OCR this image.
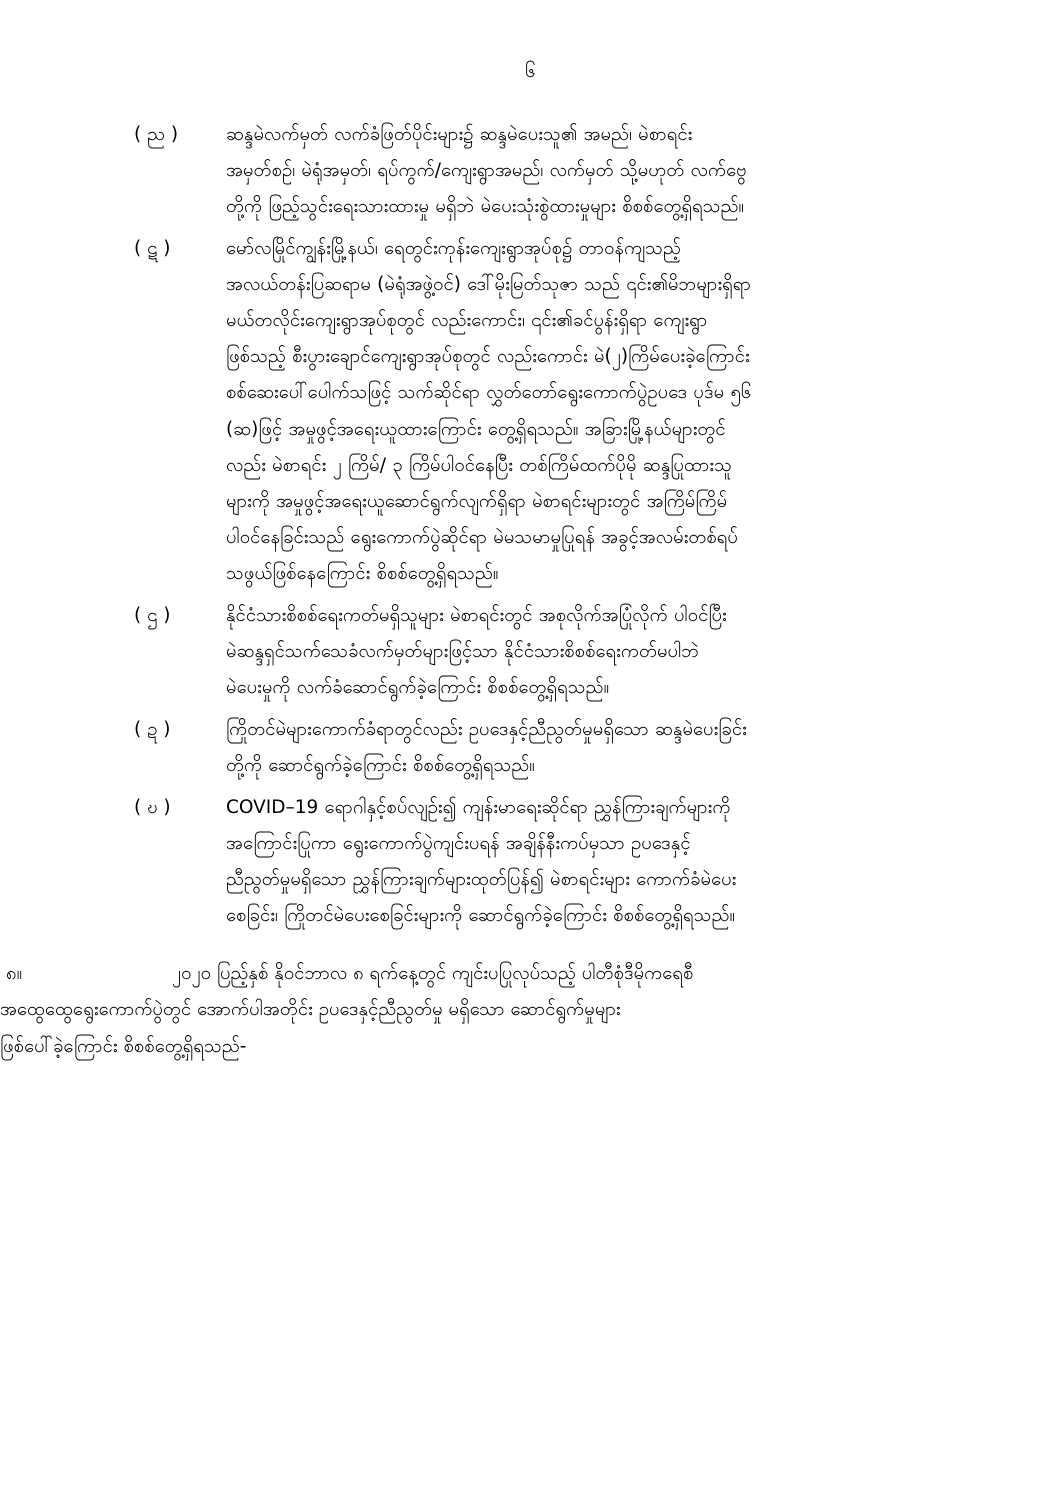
၆
( ည )	ဆန္ဒမဲလက်မှတ် လက်ခံဖြတ်ပိုင်းများ၌ ဆန္ဒမဲပေးသူ၏ အမည်၊ မဲစာရင်း
အမှတ်စဉ်၊ မဲရုံအမှတ်၊ ရပ်ကွက်/ကျေးရွာအမည်၊ လက်မှတ် သို့မဟုတ် လက်ဗွေ
တို့ကို ဖြည့်သွင်းရေးသားထားမှု မရှိဘဲ မဲပေးသုံးစွဲထားမှုများ စိစစ်တွေ့ရှိရသည်။
( ဋ )	မော်လမြိုင်ကျွန်းမြို့နယ်၊ ရေတွင်းကုန်းကျေးရွာအုပ်စု၌ တာဝန်ကျသည့်
အလယ်တန်းပြဆရာမ (မဲရုံအဖွဲ့ဝင်) ဒေါ်မိုးမြတ်သုဇာ သည် ၎င်း၏မိဘများရှိရာ
မယ်တလိုင်းကျေးရွာအုပ်စုတွင် လည်းကောင်း၊ ၎င်း၏ခင်ပွန်းရှိရာ ကျေးရွာ
ဖြစ်သည့် စီးပွားချောင်ကျေးရွာအုပ်စုတွင် လည်းကောင်း မဲ(၂)ကြိမ်ပေးခဲ့ကြောင်း
စစ်ဆေးပေါ်ပေါက်သဖြင့် သက်ဆိုင်ရာ လွှတ်တော်ရွေးကောက်ပွဲဥပဒေ ပုဒ်မ ၅၆
(ဆ)ဖြင့် အမှုဖွင့်အရေးယူထားကြောင်း တွေ့ရှိရသည်။ အခြားမြို့နယ်များတွင်
လည်း မဲစာရင်း ၂ ကြိမ်/ ၃ ကြိမ်ပါဝင်နေပြီး တစ်ကြိမ်ထက်ပိုမို ဆန္ဒပြုထားသူ
များကို အမှုဖွင့်အရေးယူဆောင်ရွက်လျက်ရှိရာ မဲစာရင်းများတွင် အကြိမ်ကြိမ်
ပါဝင်နေခြင်းသည် ရွေးကောက်ပွဲဆိုင်ရာ မဲမသမာမှုပြုရန် အခွင့်အလမ်းတစ်ရပ်
သဖွယ်ဖြစ်နေကြောင်း စိစစ်တွေ့ရှိရသည်။
( ဌ )	နိုင်ငံသားစိစစ်ရေးကတ်မရှိသူများ မဲစာရင်းတွင် အစုလိုက်အပြုံလိုက် ပါဝင်ပြီး
မဲဆန္ဒရှင်သက်သေခံလက်မှတ်များဖြင့်သာ နိုင်ငံသားစိစစ်ရေးကတ်မပါဘဲ
မဲပေးမှုကို လက်ခံဆောင်ရွက်ခဲ့ကြောင်း စိစစ်တွေ့ရှိရသည်။
( ဍ )	ကြိုတင်မဲများကောက်ခံရာတွင်လည်း ဥပဒေနှင့်ညီညွတ်မှုမရှိသော ဆန္ဒမဲပေးခြင်း
တို့ကို ဆောင်ရွက်ခဲ့ကြောင်း စိစစ်တွေ့ရှိရသည်။
( ဎ )	COVID–19 ရောဂါနှင့်စပ်လျဉ်း၍ ကျန်းမာရေးဆိုင်ရာ ညွှန်ကြားချက်များကို
အကြောင်းပြုကာ ရွေးကောက်ပွဲကျင်းပရန် အချိန်နီးကပ်မှသာ ဥပဒေနှင့်
ညီညွတ်မှုမရှိသော ညွှန်ကြားချက်များထုတ်ပြန်၍ မဲစာရင်းများ ကောက်ခံမဲပေး
စေခြင်း၊ ကြိုတင်မဲပေးစေခြင်းများကို ဆောင်ရွက်ခဲ့ကြောင်း စိစစ်တွေ့ရှိရသည်။
၈။	၂၀၂၀ ပြည့်နှစ် နိုဝင်ဘာလ ၈ ရက်နေ့တွင် ကျင်းပပြုလုပ်သည့် ပါတီစုံဒီမိုကရေစီ
အထွေထွေရွေးကောက်ပွဲတွင် အောက်ပါအတိုင်း ဥပဒေနှင့်ညီညွတ်မှု မရှိသော ဆောင်ရွက်မှုများ
ဖြစ်ပေါ်ခဲ့ကြောင်း စိစစ်တွေ့ရှိရသည်-
